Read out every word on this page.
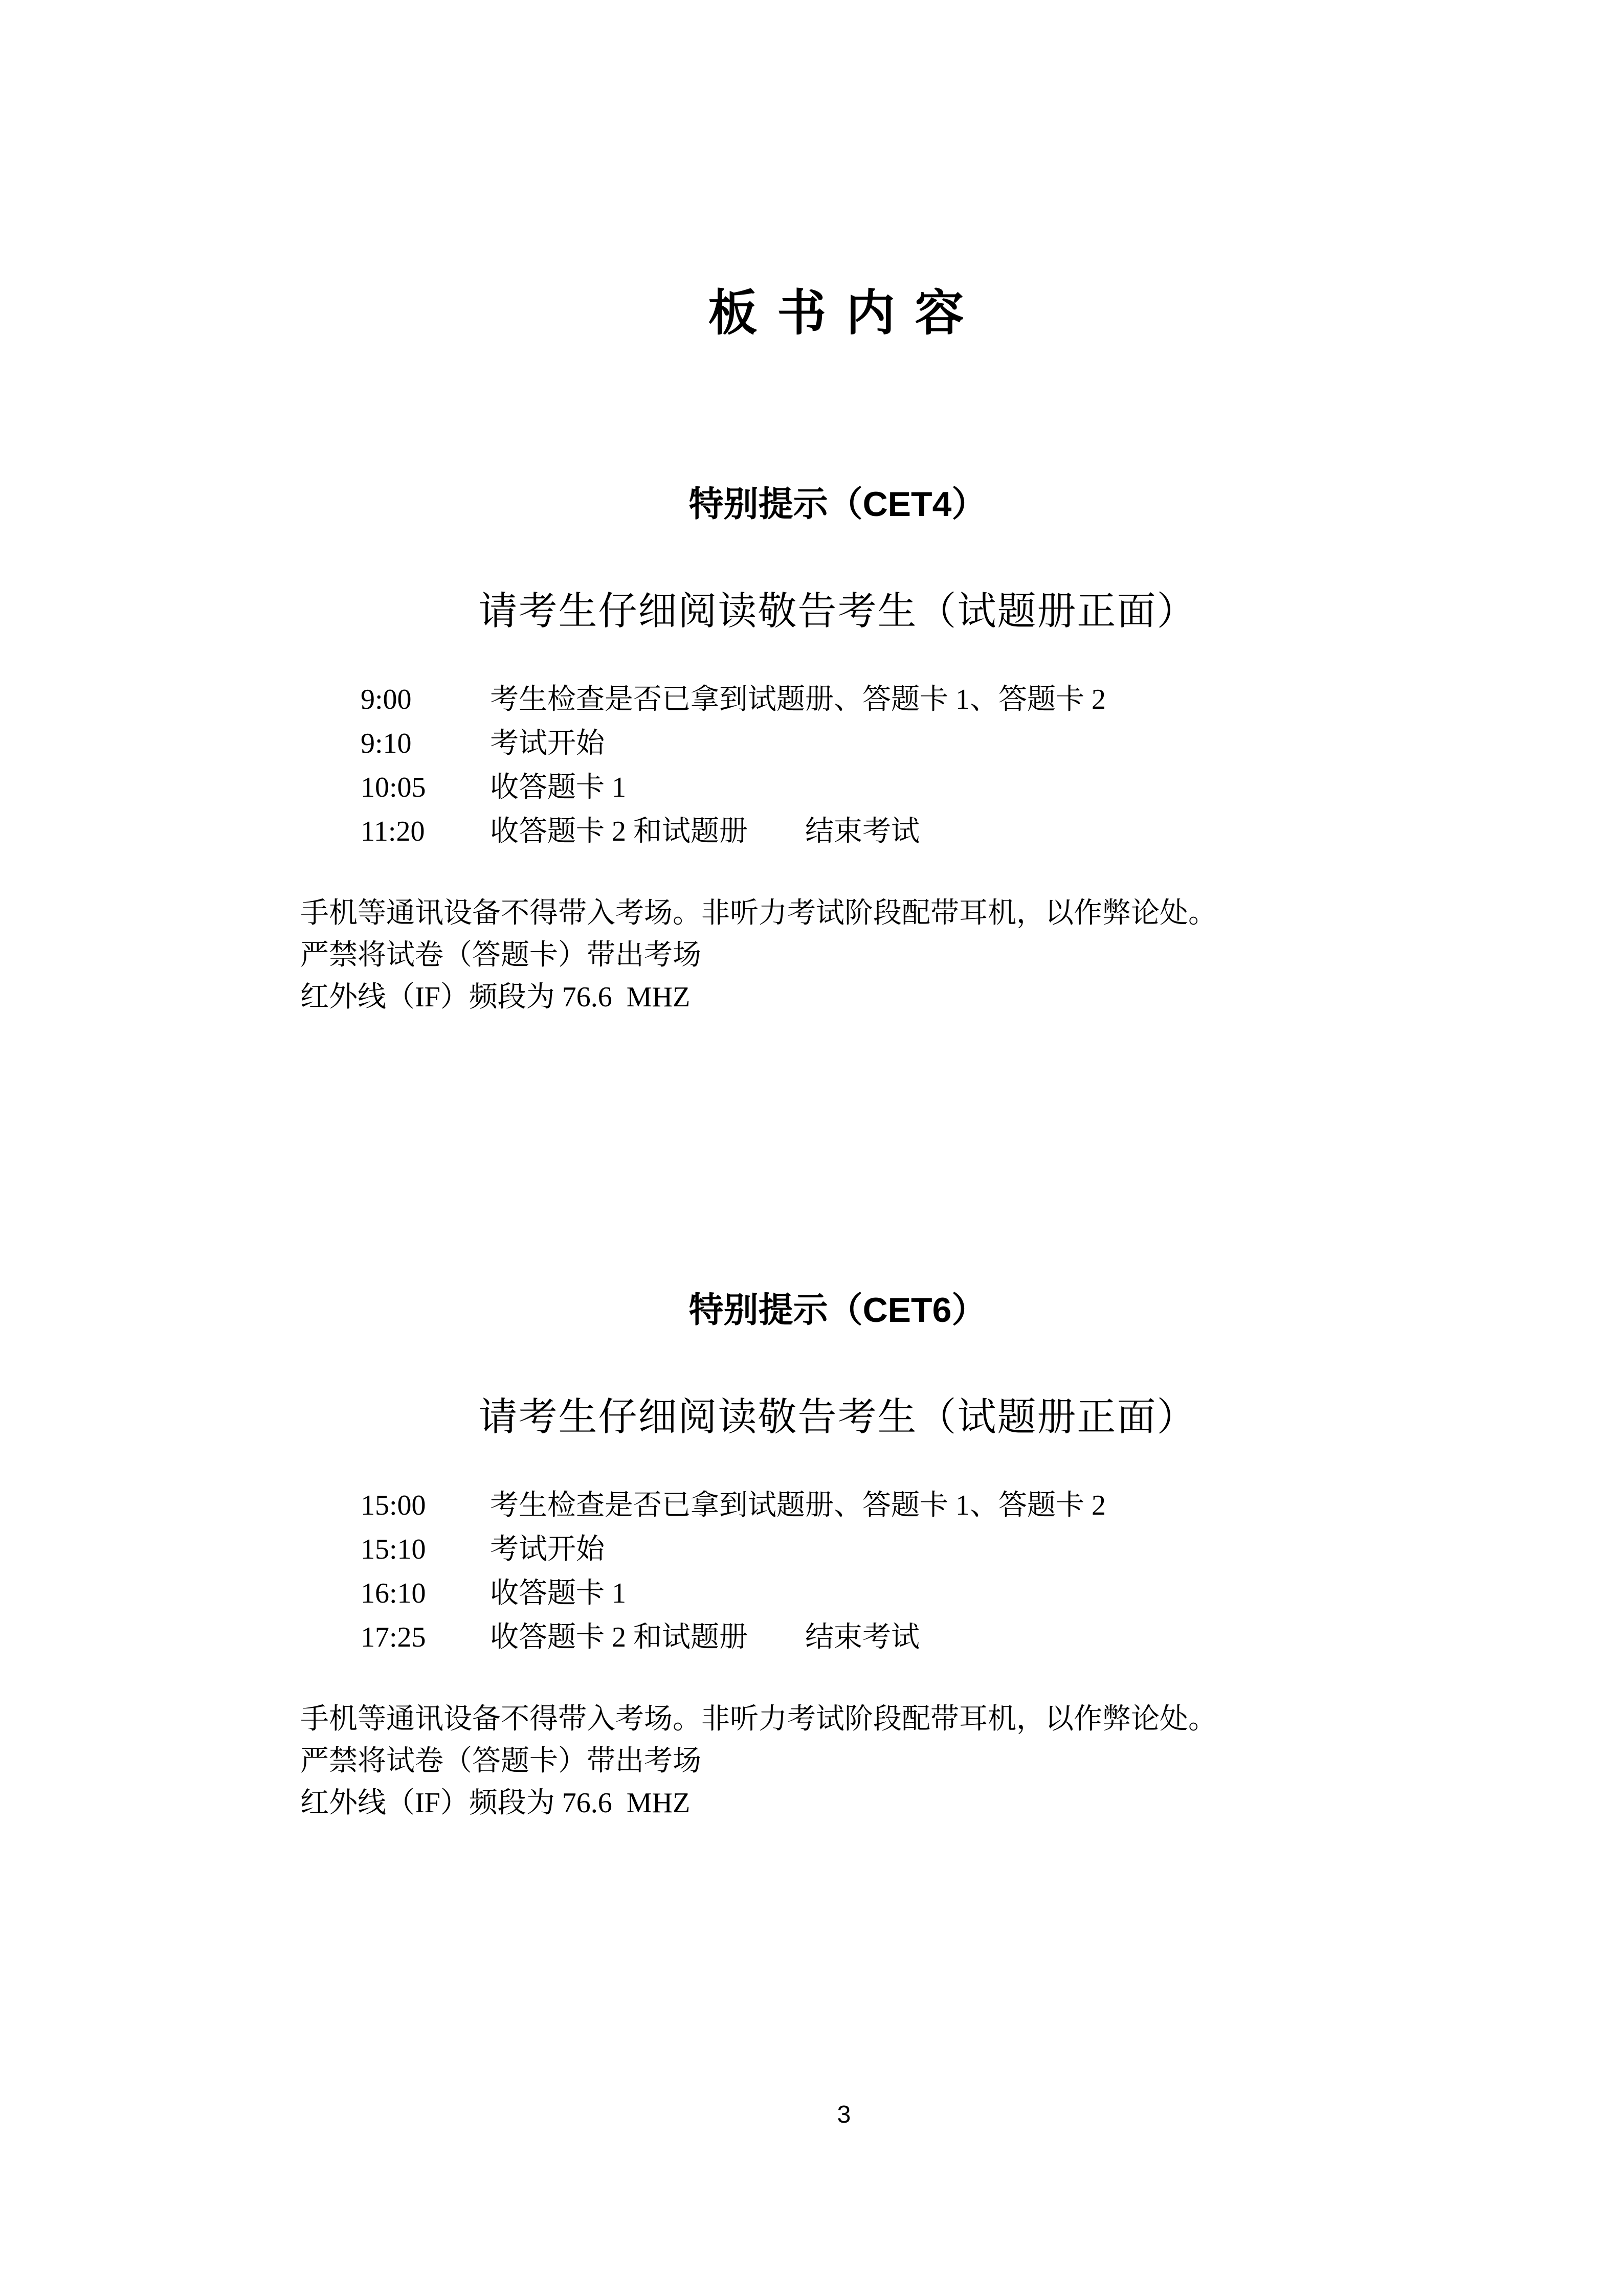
板 书 内 容
特别提示（CET4）
请考生仔细阅读敬告考生（试题册正面）
9:00	考生检查是否已拿到试题册、答题卡 1、答题卡 2
9:10	考试开始
10:05	收答题卡 1
11:20	收答题卡 2 和试题册　　结束考试
手机等通讯设备不得带入考场。非听力考试阶段配带耳机，以作弊论处。
严禁将试卷（答题卡）带出考场
红外线（IF）频段为 76.6  MHZ
特别提示（CET6）
请考生仔细阅读敬告考生（试题册正面）
15:00	考生检查是否已拿到试题册、答题卡 1、答题卡 2
15:10	考试开始
16:10	收答题卡 1
17:25	收答题卡 2 和试题册　　结束考试
手机等通讯设备不得带入考场。非听力考试阶段配带耳机，以作弊论处。
严禁将试卷（答题卡）带出考场
红外线（IF）频段为 76.6  MHZ
3
